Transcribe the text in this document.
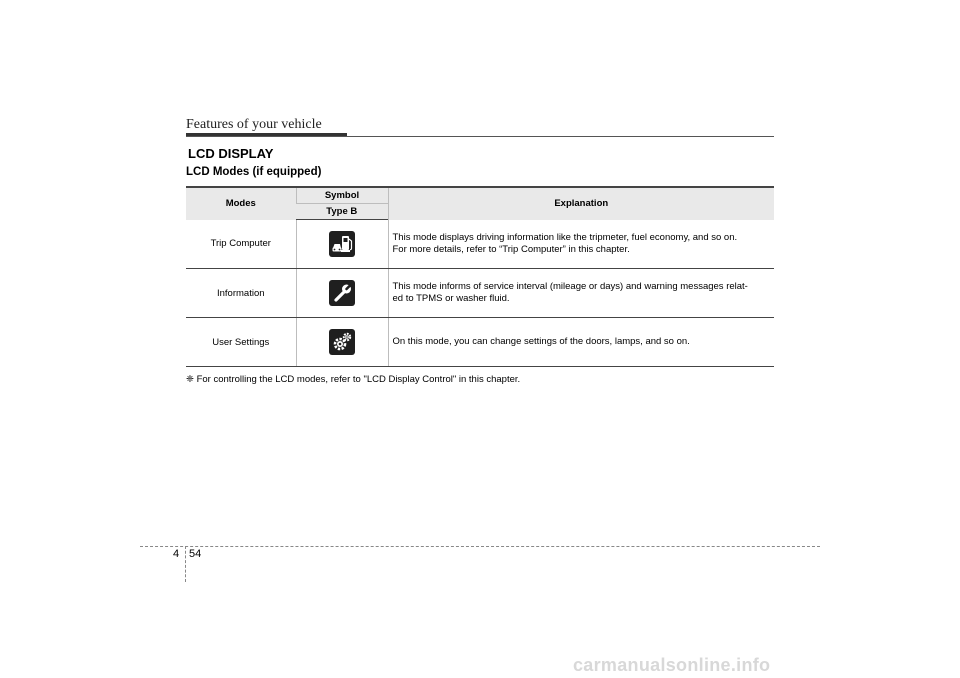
Features of your vehicle
LCD DISPLAY
LCD Modes (if equipped)
Modes	Symbol	Explanation
	Type B	
Trip Computer		This mode displays driving information like the tripmeter, fuel economy, and so on.
For more details, refer to “Trip Computer” in this chapter.

Information		This mode informs of service interval (mileage or days) and warning messages relat-
ed to TPMS or washer fluid.

User Settings		On this mode, you can change settings of the doors, lamps, and so on.
❈ For controlling the LCD modes, refer to "LCD Display Control" in this chapter.
4 54
carmanualsonline.info
